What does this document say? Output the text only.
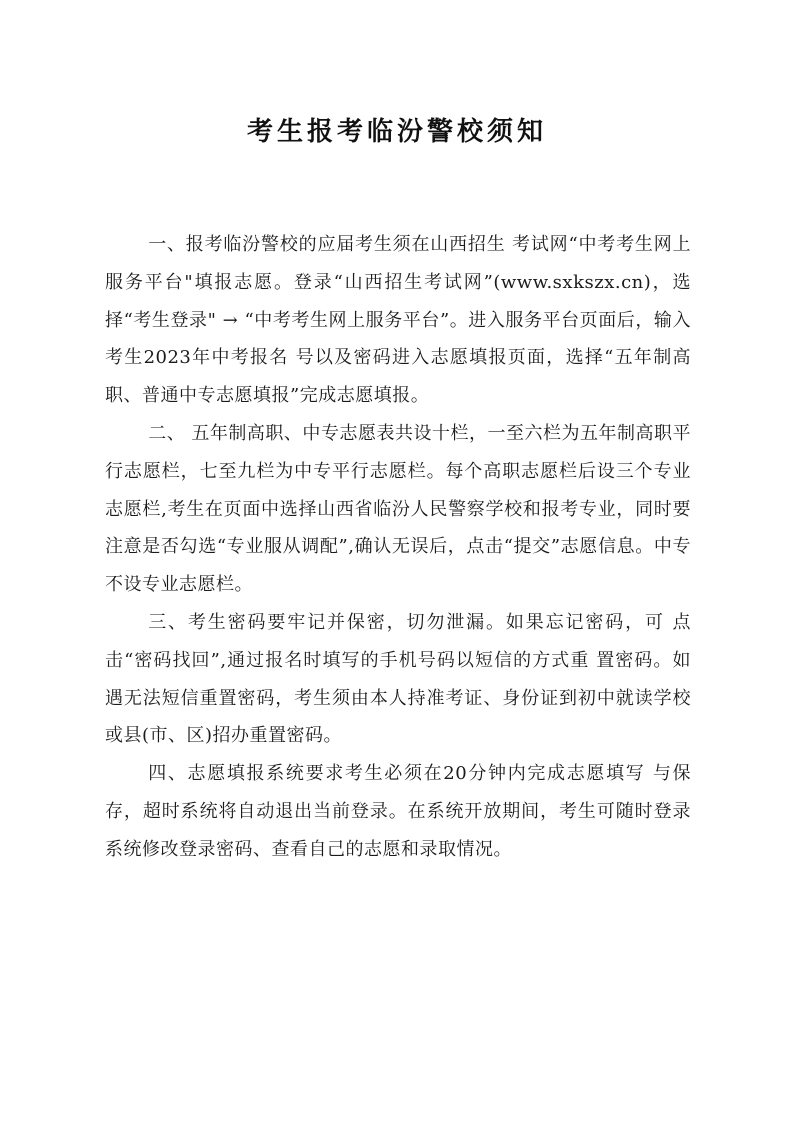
考生报考临汾警校须知

一、报考临汾警校的应届考生须在山西招生 考试网“中考考生网上服务平台"填报志愿。登录“山西招生考试网”(www.sxkszx.cn)，选择“考生登录" → “中考考生网上服务平台”。进入服务平台页面后，输入考生2023年中考报名 号以及密码进入志愿填报页面，选择“五年制高职、普通中专志愿填报”完成志愿填报。

二、 五年制高职、中专志愿表共设十栏，一至六栏为五年制高职平行志愿栏，七至九栏为中专平行志愿栏。每个高职志愿栏后设三个专业志愿栏,考生在页面中选择山西省临汾人民警察学校和报考专业，同时要注意是否勾选“专业服从调配”,确认无误后，点击“提交”志愿信息。中专不设专业志愿栏。

三、考生密码要牢记并保密，切勿泄漏。如果忘记密码，可 点击“密码找回”,通过报名时填写的手机号码以短信的方式重 置密码。如遇无法短信重置密码，考生须由本人持准考证、身份证到初中就读学校或县(市、区)招办重置密码。

四、志愿填报系统要求考生必须在20分钟内完成志愿填写 与保存，超时系统将自动退出当前登录。在系统开放期间，考生可随时登录系统修改登录密码、查看自己的志愿和录取情况。
